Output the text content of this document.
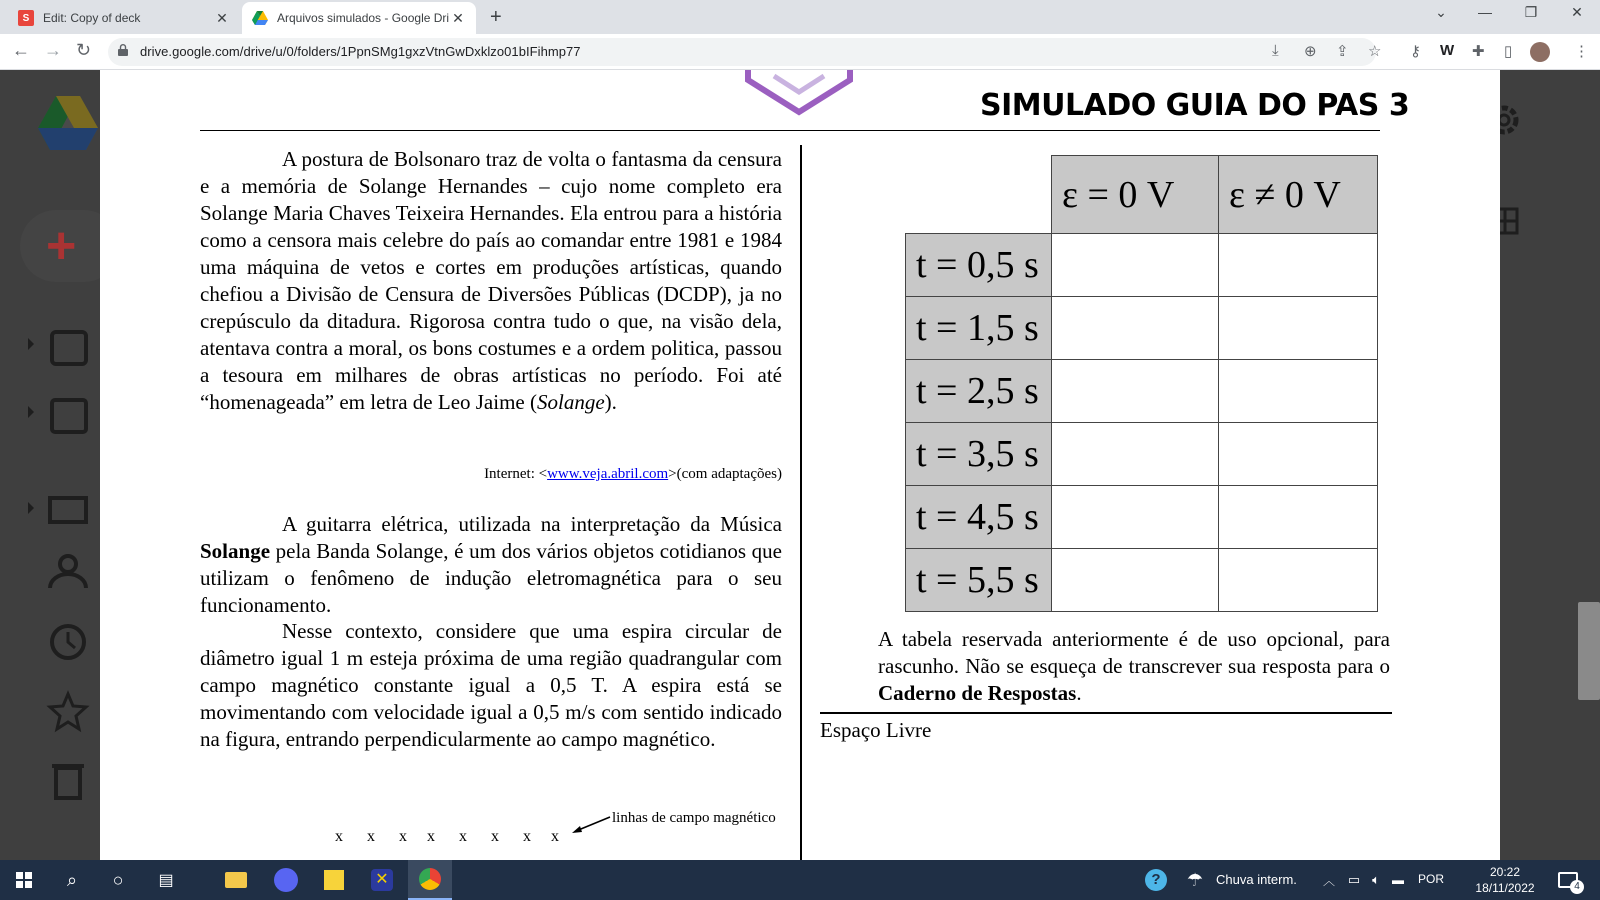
S	Edit: Copy of deck	✕	Arquivos simulados - Google Dri ✕ +	⌄	—	❐	✕
← → ↻	drive.google.com/drive/u/0/folders/1PpnSMg1gxzVtnGwDxklzo01bIFihmp77	⤓ ⊕ ⇪ ☆ ⚷ W ✚ ▯	⋮
+
SIMULADO GUIA DO PAS 3

A postura de Bolsonaro traz de volta o fantasma da censura e a memória de Solange Hernandes – cujo nome completo era Solange Maria Chaves Teixeira Hernandes. Ela entrou para a história como a censora mais celebre do país ao comandar entre 1981 e 1984 uma máquina de vetos e cortes em produções artísticas, quando chefiou a Divisão de Censura de Diversões Públicas (DCDP), ja no crepúsculo da ditadura. Rigorosa contra tudo o que, na visão dela, atentava contra a moral, os bons costumes e a ordem politica, passou a tesoura em milhares de obras artísticas no período. Foi até “homenageada” em letra de Leo Jaime (Solange).

Internet: <www.veja.abril.com>(com adaptações)

A guitarra elétrica, utilizada na interpretação da Música Solange pela Banda Solange, é um dos vários objetos cotidianos que utilizam o fenômeno de indução eletromagnética para o seu funcionamento.

Nesse contexto, considere que uma espira circular de diâmetro igual 1 m esteja próxima de uma região quadrangular com campo magnético constante igual a 0,5 T. A espira está se movimentando com velocidade igual a 0,5 m/s com sentido indicado na figura, entrando perpendicularmente ao campo magnético.

linhas de campo magnético
x x x x x x x x
	ε = 0 V	ε ≠ 0 V
t = 0,5 s		
t = 1,5 s		
t = 2,5 s		
t = 3,5 s		
t = 4,5 s		
t = 5,5 s		

A tabela reservada anteriormente é de uso opcional, para rascunho. Não se esqueça de transcrever sua resposta para o Caderno de Respostas.

Espaço Livre
⌕	○	▤	✕	?	☂ Chuva interm. ︿ ▭ 🔈︎	▬	POR	20:22
18/11/2022	4
